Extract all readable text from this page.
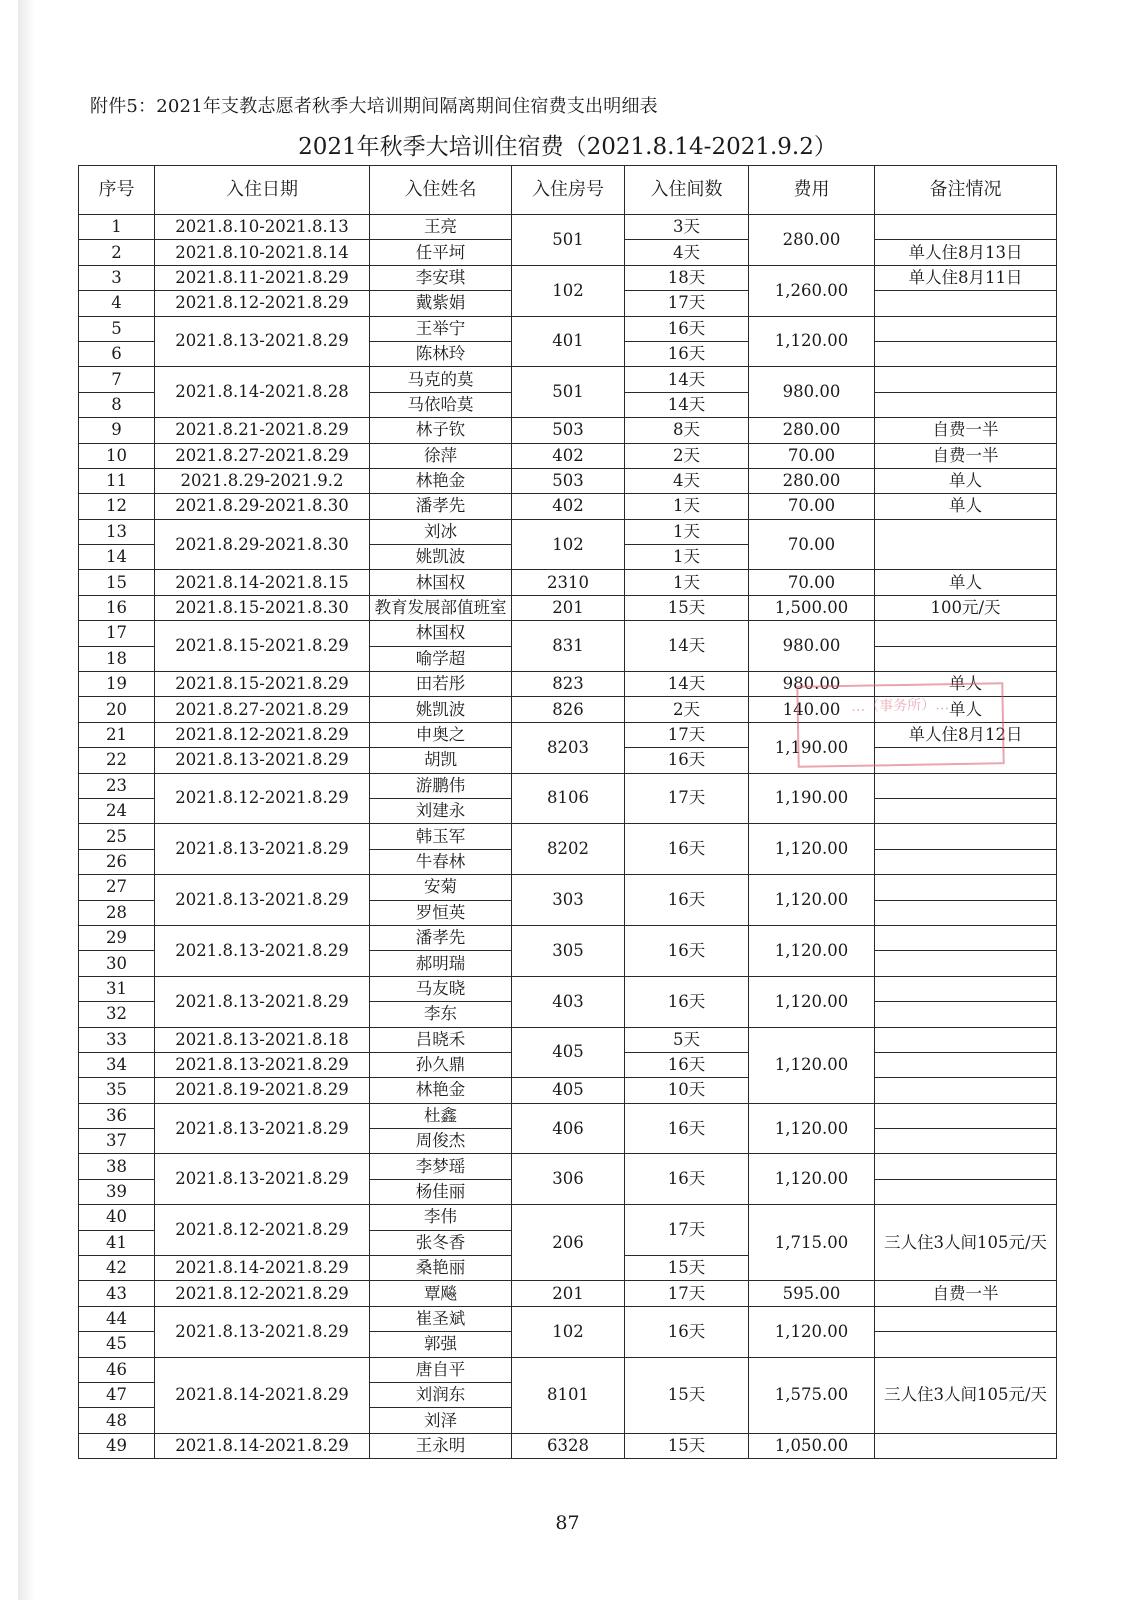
附件5：2021年支教志愿者秋季大培训期间隔离期间住宿费支出明细表
2021年秋季大培训住宿费（2021.8.14-2021.9.2）
序号	入住日期	入住姓名	入住房号	入住间数	费用	备注情况
1	2021.8.10-2021.8.13	王亮	501	3天	280.00	
2	2021.8.10-2021.8.14	任平坷		4天		单人住8月13日
3	2021.8.11-2021.8.29	李安琪	102	18天	1,260.00	单人住8月11日
4	2021.8.12-2021.8.29	戴紫娟		17天		
5	2021.8.13-2021.8.29	王举宁	401	16天	1,120.00	
6		陈林玲		16天		
7	2021.8.14-2021.8.28	马克的莫	501	14天	980.00	
8		马依哈莫		14天		
9	2021.8.21-2021.8.29	林子钦	503	8天	280.00	自费一半
10	2021.8.27-2021.8.29	徐萍	402	2天	70.00	自费一半
11	2021.8.29-2021.9.2	林艳金	503	4天	280.00	单人
12	2021.8.29-2021.8.30	潘孝先	402	1天	70.00	单人
13	2021.8.29-2021.8.30	刘冰	102	1天	70.00	
14		姚凯波		1天		
15	2021.8.14-2021.8.15	林国权	2310	1天	70.00	单人
16	2021.8.15-2021.8.30	教育发展部值班室	201	15天	1,500.00	100元/天
17	2021.8.15-2021.8.29	林国权	831	14天	980.00	
18		喻学超				
19	2021.8.15-2021.8.29	田若彤	823	14天	980.00	单人
20	2021.8.27-2021.8.29	姚凯波	826	2天	140.00	单人
21	2021.8.12-2021.8.29	申奥之	8203	17天	1,190.00	单人住8月12日
22	2021.8.13-2021.8.29	胡凯		16天		
23	2021.8.12-2021.8.29	游鹏伟	8106	17天	1,190.00	
24		刘建永				
25	2021.8.13-2021.8.29	韩玉军	8202	16天	1,120.00	
26		牛春林				
27	2021.8.13-2021.8.29	安菊	303	16天	1,120.00	
28		罗恒英				
29	2021.8.13-2021.8.29	潘孝先	305	16天	1,120.00	
30		郝明瑞				
31	2021.8.13-2021.8.29	马友晓	403	16天	1,120.00	
32		李东				
33	2021.8.13-2021.8.18	吕晓禾	405	5天	1,120.00	
34	2021.8.13-2021.8.29	孙久鼎		16天		
35	2021.8.19-2021.8.29	林艳金	405	10天		
36	2021.8.13-2021.8.29	杜鑫	406	16天	1,120.00	
37		周俊杰				
38	2021.8.13-2021.8.29	李梦瑶	306	16天	1,120.00	
39		杨佳丽				
40	2021.8.12-2021.8.29	李伟	206	17天	1,715.00	三人住3人间105元/天
41		张冬香				
42	2021.8.14-2021.8.29	桑艳丽		15天		
43	2021.8.12-2021.8.29	覃飚	201	17天	595.00	自费一半
44	2021.8.13-2021.8.29	崔圣斌	102	16天	1,120.00	
45		郭强				
46	2021.8.14-2021.8.29	唐自平	8101	15天	1,575.00	三人住3人间105元/天
47		刘润东				
48		刘泽				
49	2021.8.14-2021.8.29	王永明	6328	15天	1,050.00	
…（事务所）…
87
